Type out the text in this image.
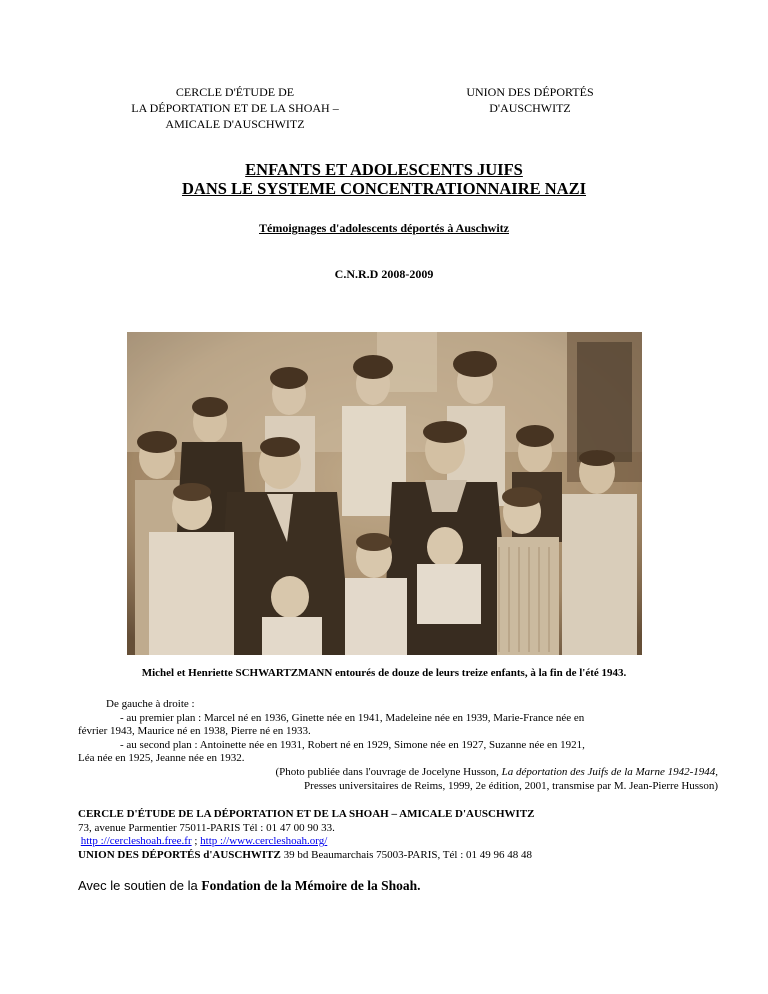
CERCLE D'ÉTUDE DE
LA DÉPORTATION ET DE LA SHOAH –
AMICALE D'AUSCHWITZ
UNION DES DÉPORTÉS
D'AUSCHWITZ
ENFANTS ET ADOLESCENTS JUIFS
DANS LE SYSTEME CONCENTRATIONNAIRE NAZI
Témoignages d'adolescents déportés à Auschwitz
C.N.R.D 2008-2009
Michel et Henriette SCHWARTZMANN entourés de douze de leurs treize enfants, à la fin de l'été 1943.

De gauche à droite :

- au premier plan : Marcel né en 1936, Ginette née en 1941, Madeleine née en 1939, Marie-France née en

février 1943, Maurice né en 1938, Pierre né en 1933.

- au second plan : Antoinette née en 1931, Robert né en 1929, Simone née en 1927, Suzanne née en 1921,

Léa née en 1925, Jeanne née en 1932.

(Photo publiée dans l'ouvrage de Jocelyne Husson, La déportation des Juifs de la Marne 1942-1944,

Presses universitaires de Reims, 1999, 2e édition, 2001, transmise par M. Jean-Pierre Husson)

CERCLE D'ÉTUDE DE LA DÉPORTATION ET DE LA SHOAH – AMICALE D'AUSCHWITZ

73, avenue Parmentier 75011-PARIS Tél : 01 47 00 90 33.

http ://cercleshoah.free.fr ; http ://www.cercleshoah.org/

UNION DES DÉPORTÉS d'AUSCHWITZ 39 bd Beaumarchais 75003-PARIS, Tél : 01 49 96 48 48

Avec le soutien de la Fondation de la Mémoire de la Shoah.
